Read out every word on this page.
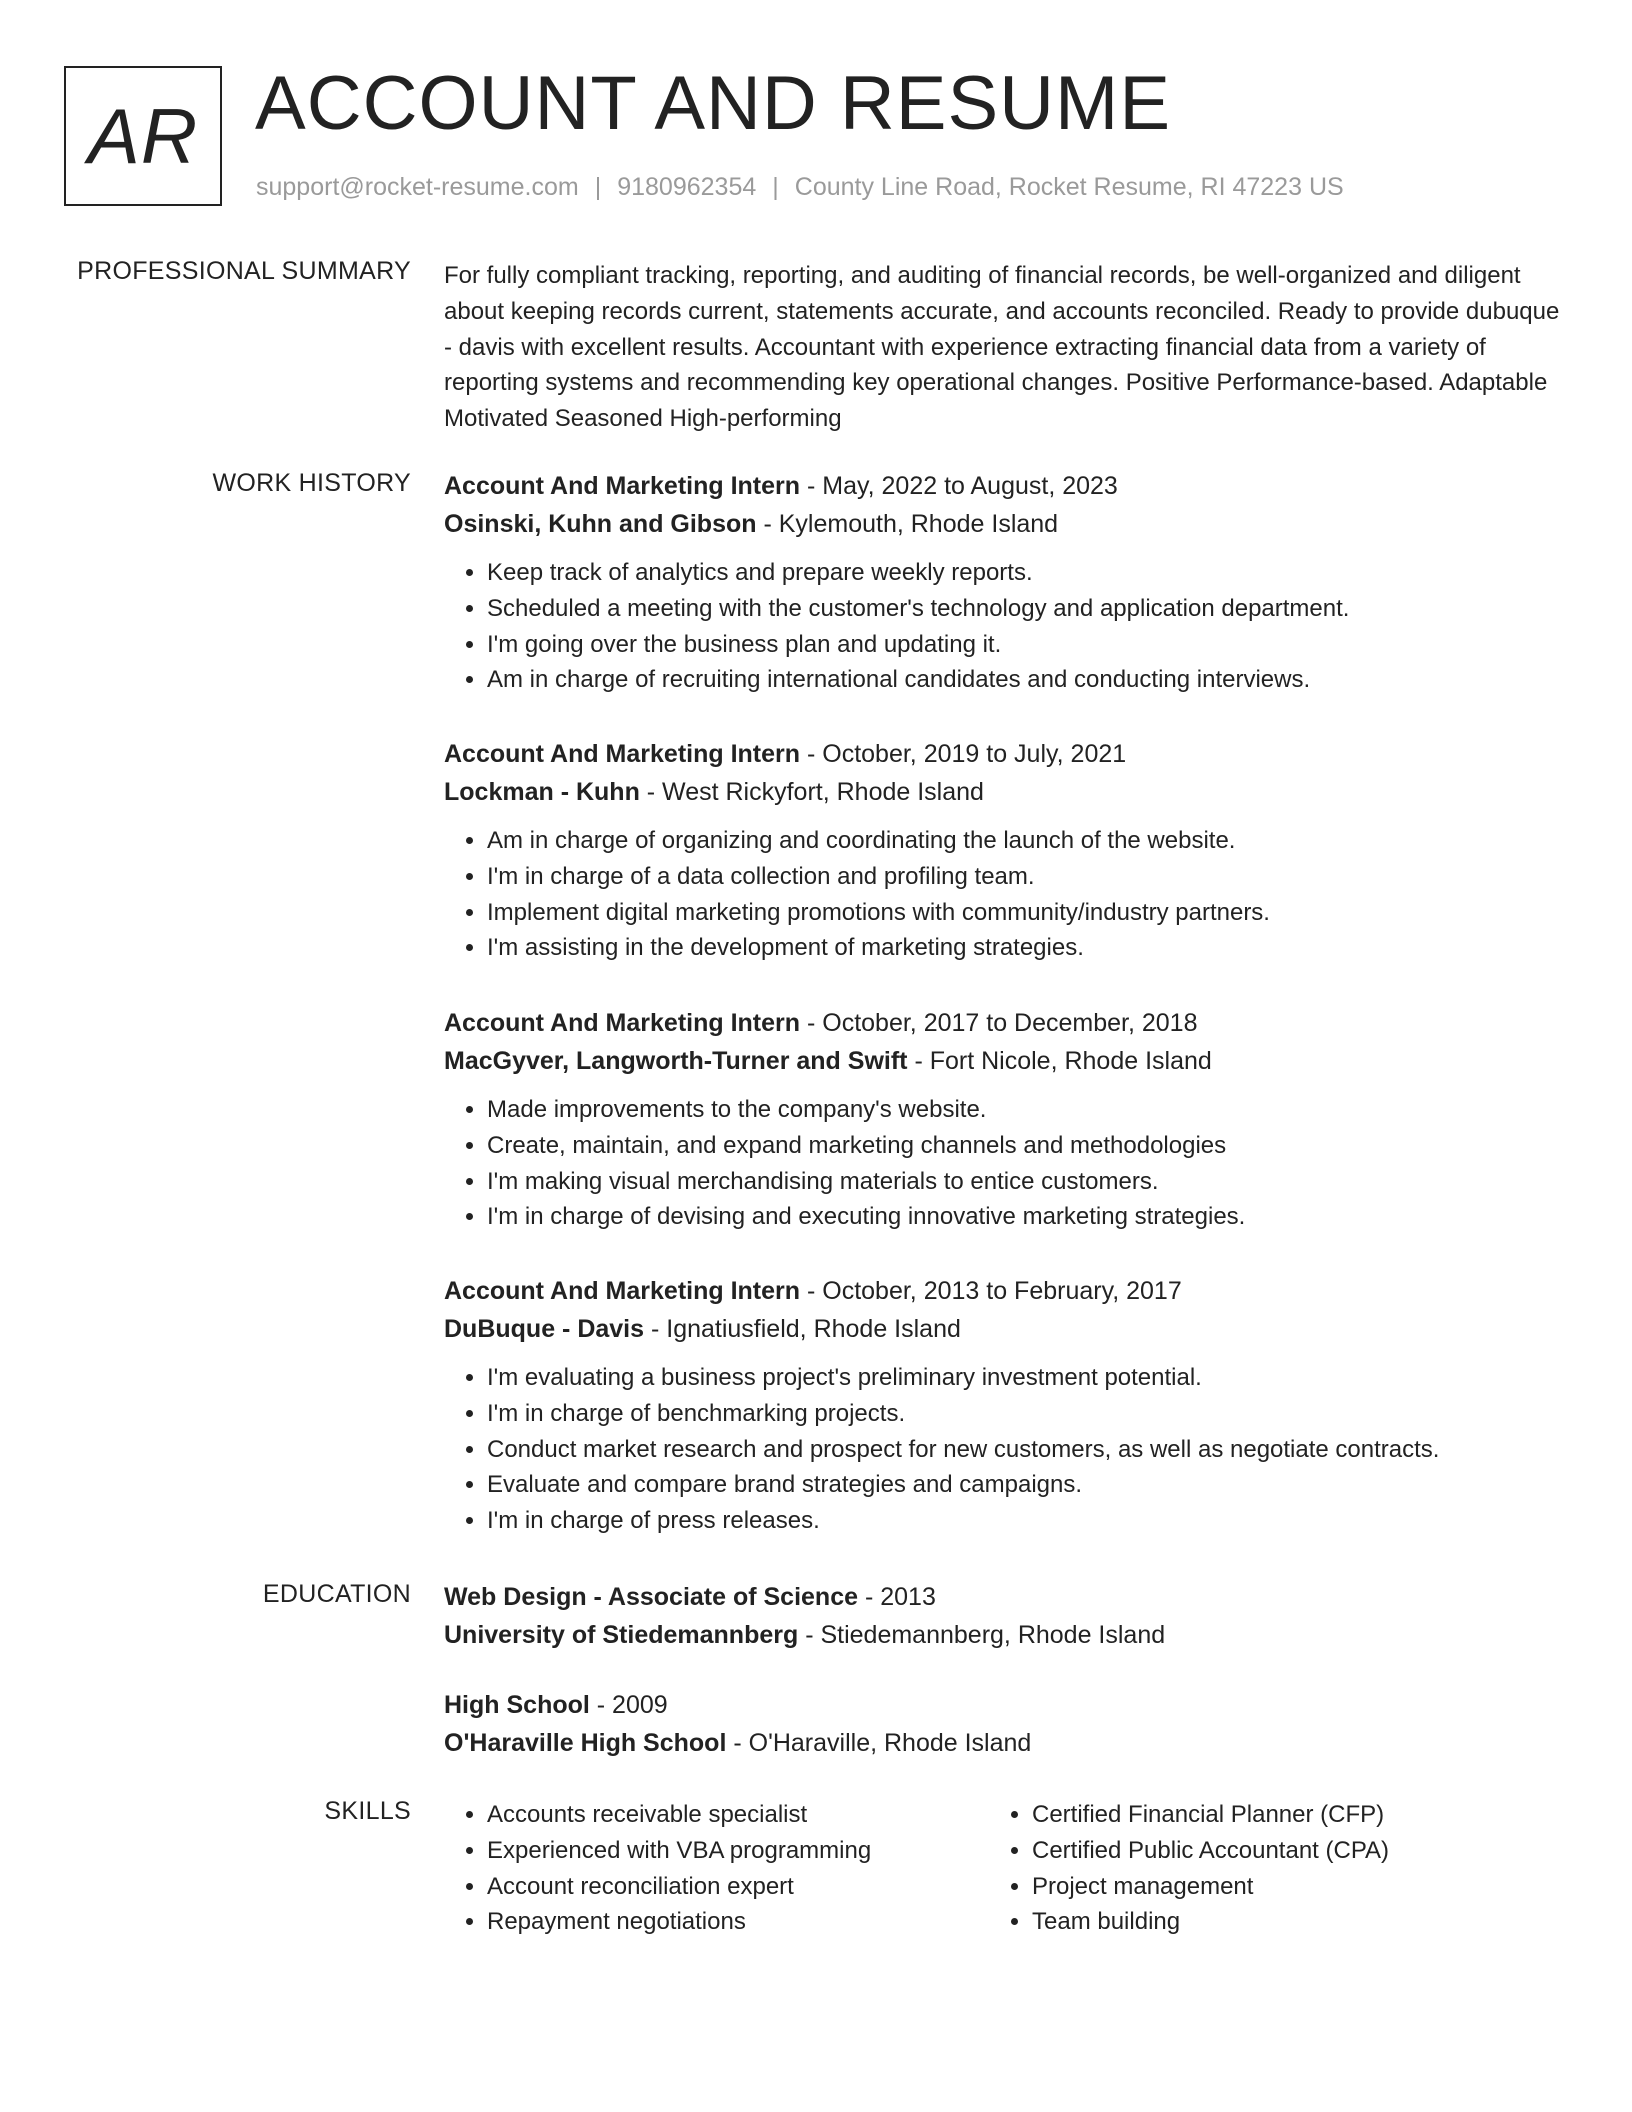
AR ACCOUNT AND RESUME
support@rocket-resume.com | 9180962354 | County Line Road, Rocket Resume, RI 47223 US
PROFESSIONAL SUMMARY For fully compliant tracking, reporting, and auditing of financial records, be well-organized and diligent about keeping records current, statements accurate, and accounts reconciled. Ready to provide dubuque - davis with excellent results. Accountant with experience extracting financial data from a variety of reporting systems and recommending key operational changes. Positive Performance-based. Adaptable Motivated Seasoned High-performing

WORK HISTORY Account And Marketing Intern - May, 2022 to August, 2023
Osinski, Kuhn and Gibson - Kylemouth, Rhode Island
• Keep track of analytics and prepare weekly reports.
• Scheduled a meeting with the customer's technology and application department.
• I'm going over the business plan and updating it.
• Am in charge of recruiting international candidates and conducting interviews.
Account And Marketing Intern - October, 2019 to July, 2021
Lockman - Kuhn - West Rickyfort, Rhode Island
• Am in charge of organizing and coordinating the launch of the website.
• I'm in charge of a data collection and profiling team.
• Implement digital marketing promotions with community/industry partners.
• I'm assisting in the development of marketing strategies.
Account And Marketing Intern - October, 2017 to December, 2018
MacGyver, Langworth-Turner and Swift - Fort Nicole, Rhode Island
• Made improvements to the company's website.
• Create, maintain, and expand marketing channels and methodologies
• I'm making visual merchandising materials to entice customers.
• I'm in charge of devising and executing innovative marketing strategies.
Account And Marketing Intern - October, 2013 to February, 2017
DuBuque - Davis - Ignatiusfield, Rhode Island
• I'm evaluating a business project's preliminary investment potential.
• I'm in charge of benchmarking projects.
• Conduct market research and prospect for new customers, as well as negotiate contracts.
• Evaluate and compare brand strategies and campaigns.
• I'm in charge of press releases.
EDUCATION Web Design - Associate of Science - 2013
University of Stiedemannberg - Stiedemannberg, Rhode Island
High School - 2009
O'Haraville High School - O'Haraville, Rhode Island
SKILLS
•	Accounts receivable specialist
• Experienced with VBA programming
• Account reconciliation expert
• Repayment negotiations
• Certified Financial Planner (CFP)
• Certified Public Accountant (CPA)
• Project management
• Team building
